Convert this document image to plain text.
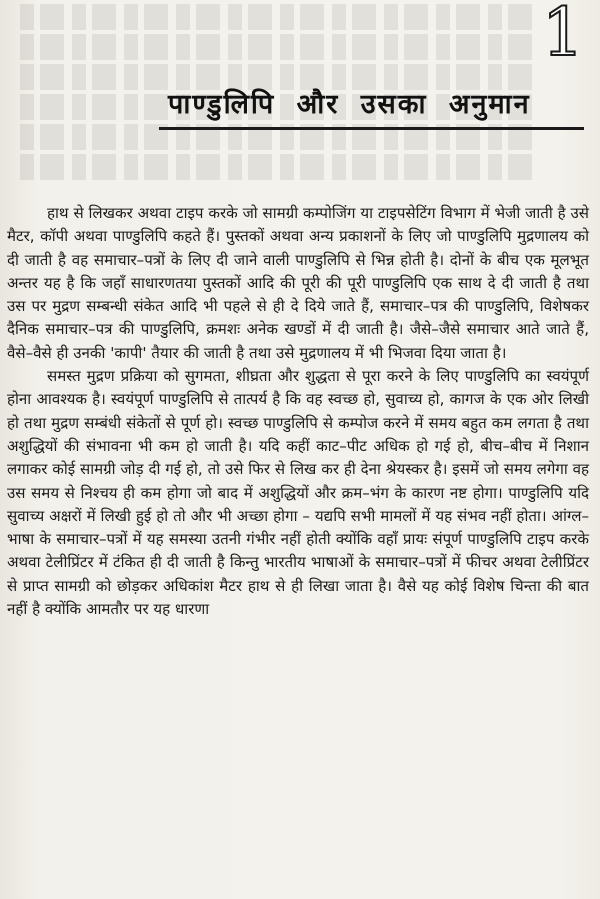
1
पाण्डुलिपि और उसका अनुमान

हाथ से लिखकर अथवा टाइप करके जो सामग्री कम्पोजिंग या टाइपसेटिंग विभाग में भेजी जाती है उसे मैटर, कॉपी अथवा पाण्डुलिपि कहते हैं। पुस्तकों अथवा अन्य प्रकाशनों के लिए जो पाण्डुलिपि मुद्रणालय को दी जाती है वह समाचार–पत्रों के लिए दी जाने वाली पाण्डुलिपि से भिन्न होती है। दोनों के बीच एक मूलभूत अन्तर यह है कि जहाँ साधारणतया पुस्तकों आदि की पूरी की पूरी पाण्डुलिपि एक साथ दे दी जाती है तथा उस पर मुद्रण सम्बन्धी संकेत आदि भी पहले से ही दे दिये जाते हैं, समाचार–पत्र की पाण्डुलिपि, विशेषकर दैनिक समाचार–पत्र की पाण्डुलिपि, क्रमशः अनेक खण्डों में दी जाती है। जैसे–जैसे समाचार आते जाते हैं, वैसे–वैसे ही उनकी 'कापी' तैयार की जाती है तथा उसे मुद्रणालय में भी भिजवा दिया जाता है।

समस्त मुद्रण प्रक्रिया को सुगमता, शीघ्रता और शुद्धता से पूरा करने के लिए पाण्डुलिपि का स्वयंपूर्ण होना आवश्यक है। स्वयंपूर्ण पाण्डुलिपि से तात्पर्य है कि वह स्वच्छ हो, सुवाच्य हो, कागज के एक ओर लिखी हो तथा मुद्रण सम्बंधी संकेतों से पूर्ण हो। स्वच्छ पाण्डुलिपि से कम्पोज करने में समय बहुत कम लगता है तथा अशुद्धियों की संभावना भी कम हो जाती है। यदि कहीं काट–पीट अधिक हो गई हो, बीच–बीच में निशान लगाकर कोई सामग्री जोड़ दी गई हो, तो उसे फिर से लिख कर ही देना श्रेयस्कर है। इसमें जो समय लगेगा वह उस समय से निश्चय ही कम होगा जो बाद में अशुद्धियों और क्रम–भंग के कारण नष्ट होगा। पाण्डुलिपि यदि सुवाच्य अक्षरों में लिखी हुई हो तो और भी अच्छा होगा – यद्यपि सभी मामलों में यह संभव नहीं होता। आंग्ल–भाषा के समाचार–पत्रों में यह समस्या उतनी गंभीर नहीं होती क्योंकि वहाँ प्रायः संपूर्ण पाण्डुलिपि टाइप करके अथवा टेलीप्रिंटर में टंकित ही दी जाती है किन्तु भारतीय भाषाओं के समाचार–पत्रों में फीचर अथवा टेलीप्रिंटर से प्राप्त सामग्री को छोड़कर अधिकांश मैटर हाथ से ही लिखा जाता है। वैसे यह कोई विशेष चिन्ता की बात नहीं है क्योंकि आमतौर पर यह धारणा
